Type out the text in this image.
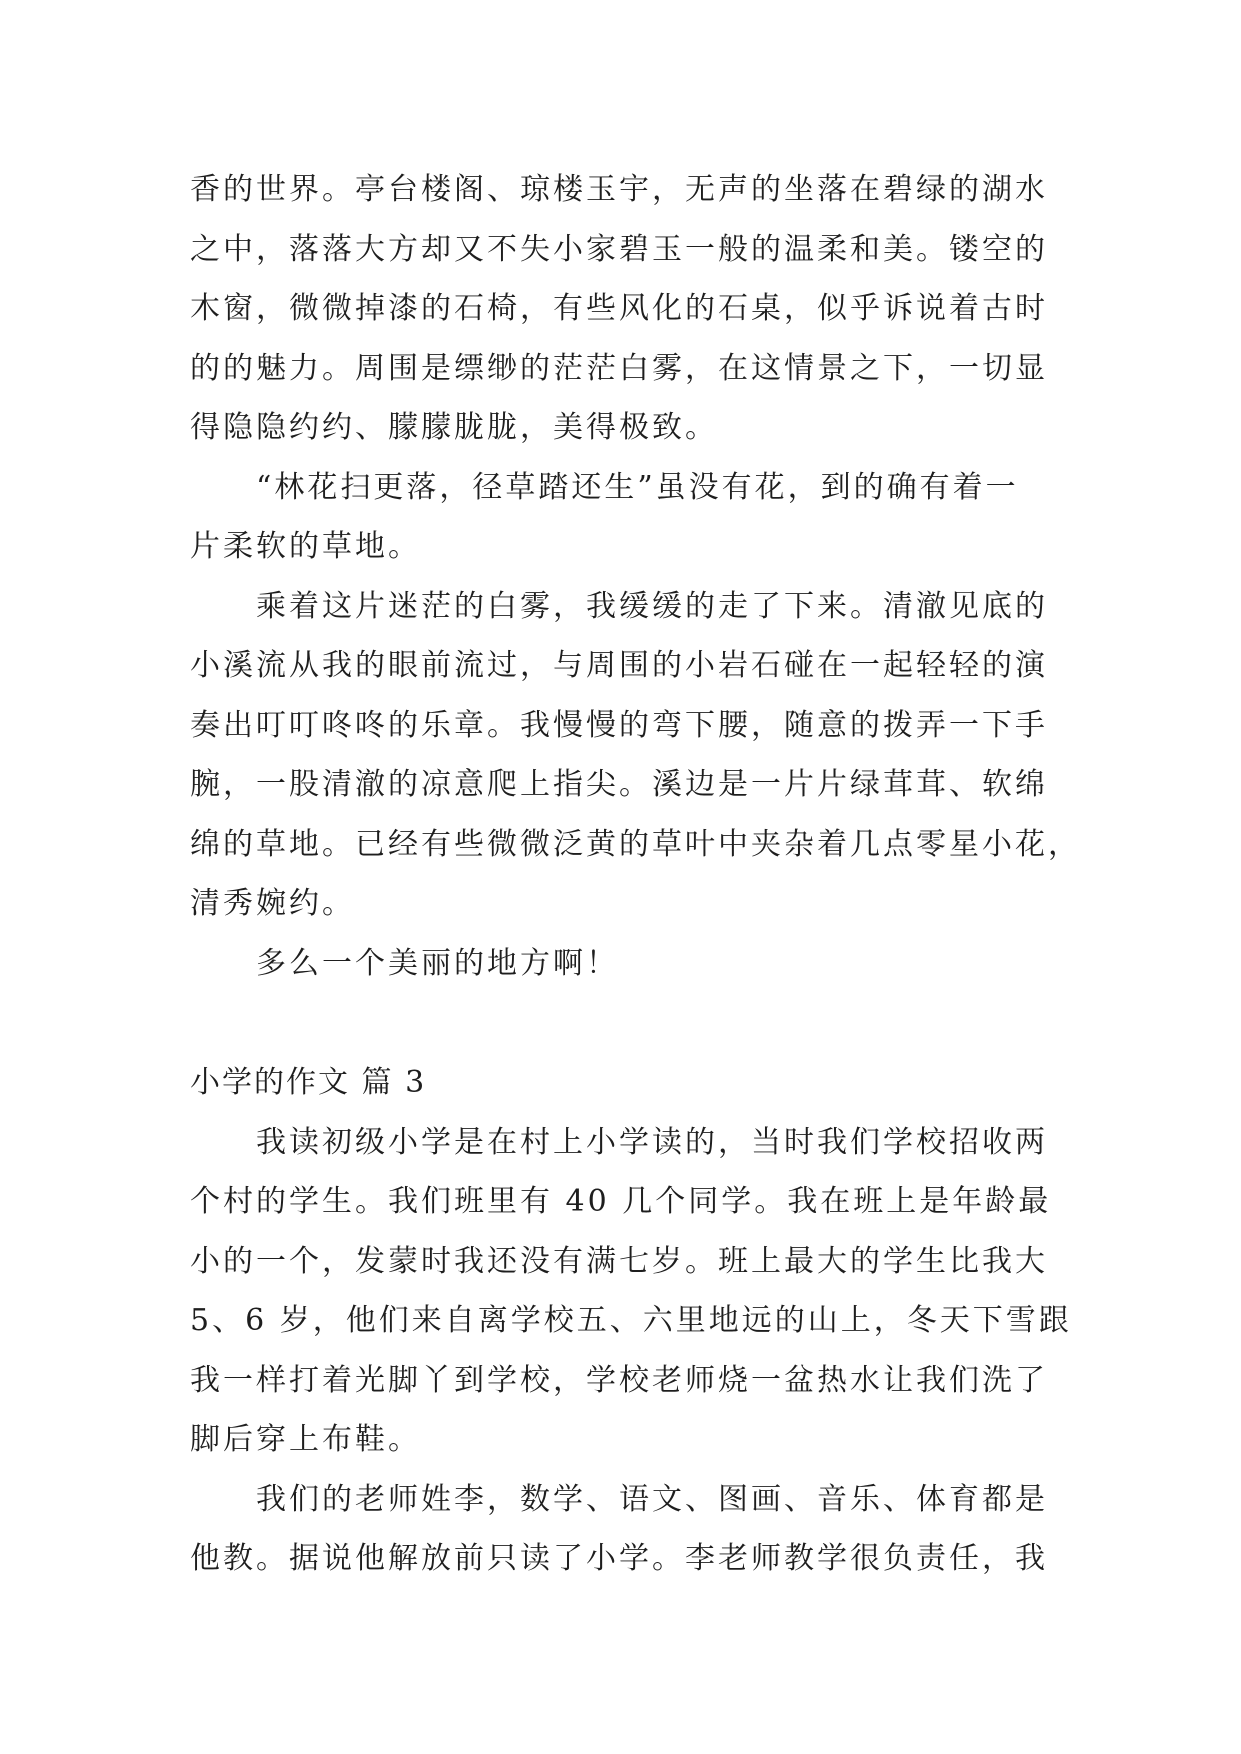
香的世界。亭台楼阁、琼楼玉宇，无声的坐落在碧绿的湖水
之中，落落大方却又不失小家碧玉一般的温柔和美。镂空的
木窗，微微掉漆的石椅，有些风化的石桌，似乎诉说着古时
的的魅力。周围是缥缈的茫茫白雾，在这情景之下，一切显
得隐隐约约、朦朦胧胧，美得极致。
“林花扫更落，径草踏还生”虽没有花，到的确有着一
片柔软的草地。
乘着这片迷茫的白雾，我缓缓的走了下来。清澈见底的
小溪流从我的眼前流过，与周围的小岩石碰在一起轻轻的演
奏出叮叮咚咚的乐章。我慢慢的弯下腰，随意的拨弄一下手
腕，一股清澈的凉意爬上指尖。溪边是一片片绿茸茸、软绵
绵的草地。已经有些微微泛黄的草叶中夹杂着几点零星小花，
清秀婉约。
多么一个美丽的地方啊！
小学的作文 篇 3
我读初级小学是在村上小学读的，当时我们学校招收两
个村的学生。我们班里有 40 几个同学。我在班上是年龄最
小的一个，发蒙时我还没有满七岁。班上最大的学生比我大
5、6 岁，他们来自离学校五、六里地远的山上，冬天下雪跟
我一样打着光脚丫到学校，学校老师烧一盆热水让我们洗了
脚后穿上布鞋。
我们的老师姓李，数学、语文、图画、音乐、体育都是
他教。据说他解放前只读了小学。李老师教学很负责任，我
